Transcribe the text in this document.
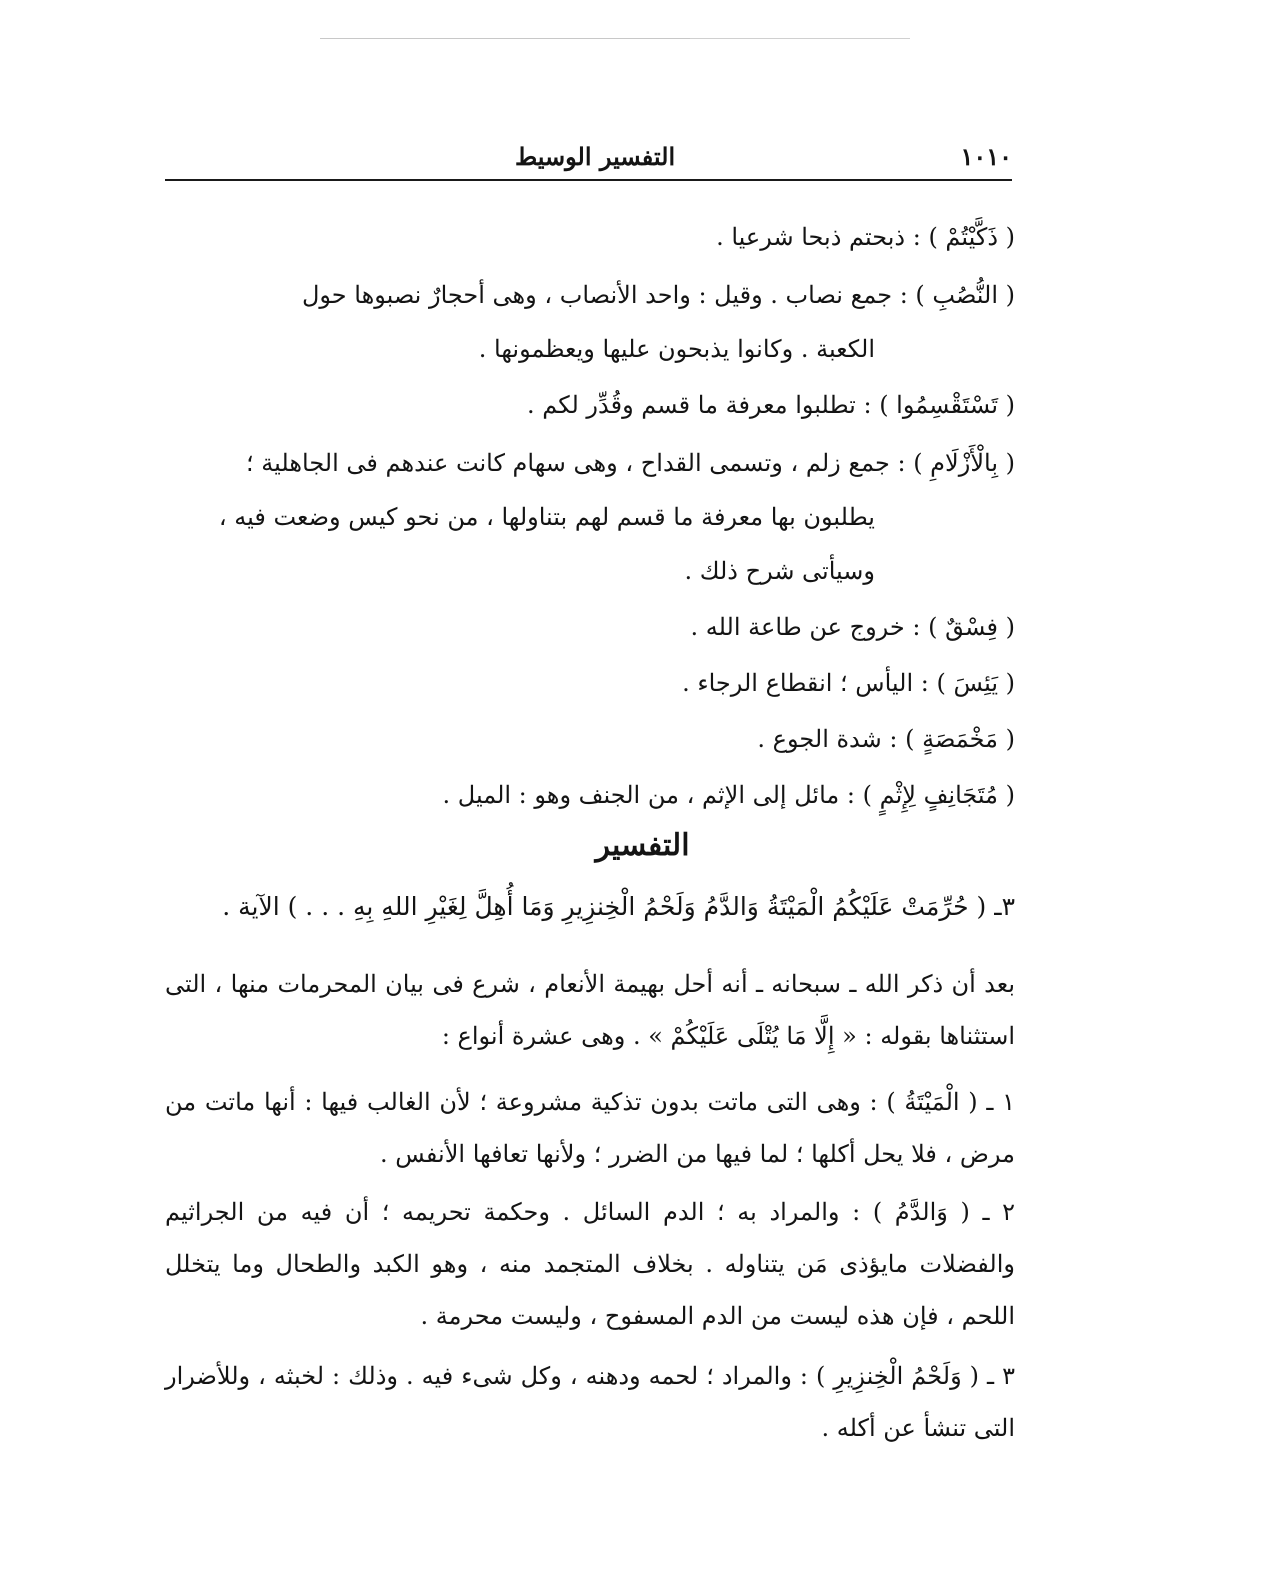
١٠١٠
التفسير الوسيط

( ذَكَّيْتُمْ ) : ذبحتم ذبحا شرعيا .

( النُّصُبِ ) : جمع نصاب . وقيل : واحد الأنصاب ، وهى أحجارٌ نصبوها حول

الكعبة . وكانوا يذبحون عليها ويعظمونها .

( تَسْتَقْسِمُوا ) : تطلبوا معرفة ما قسم وقُدِّر لكم .

( بِالْأَزْلَامِ ) : جمع زلم ، وتسمى القداح ، وهى سهام كانت عندهم فى الجاهلية ؛

يطلبون بها معرفة ما قسم لهم بتناولها ، من نحو كيس وضعت فيه ،

وسيأتى شرح ذلك .

( فِسْقٌ ) : خروج عن طاعة الله .

( يَئِسَ ) : اليأس ؛ انقطاع الرجاء .

( مَخْمَصَةٍ ) : شدة الجوع .

( مُتَجَانِفٍ لِإِثْمٍ ) : مائل إلى الإثم ، من الجنف وهو : الميل .

التفسير

٣ـ ( حُرِّمَتْ عَلَيْكُمُ الْمَيْتَةُ وَالدَّمُ وَلَحْمُ الْخِنزِيرِ وَمَا أُهِلَّ لِغَيْرِ اللهِ بِهِ . . . ) الآية .

بعد أن ذكر الله ـ سبحانه ـ أنه أحل بهيمة الأنعام ، شرع فى بيان المحرمات منها ، التى استثناها بقوله : « إِلَّا مَا يُتْلَى عَلَيْكُمْ » . وهى عشرة أنواع :

١ ـ ( الْمَيْتَةُ ) : وهى التى ماتت بدون تذكية مشروعة ؛ لأن الغالب فيها : أنها ماتت من مرض ، فلا يحل أكلها ؛ لما فيها من الضرر ؛ ولأنها تعافها الأنفس .

٢ ـ ( وَالدَّمُ ) : والمراد به ؛ الدم السائل . وحكمة تحريمه ؛ أن فيه من الجراثيم والفضلات مايؤذى مَن يتناوله . بخلاف المتجمد منه ، وهو الكبد والطحال وما يتخلل اللحم ، فإن هذه ليست من الدم المسفوح ، وليست محرمة .

٣ ـ ( وَلَحْمُ الْخِنزِيرِ ) : والمراد ؛ لحمه ودهنه ، وكل شىء فيه . وذلك : لخبثه ، وللأضرار التى تنشأ عن أكله .
